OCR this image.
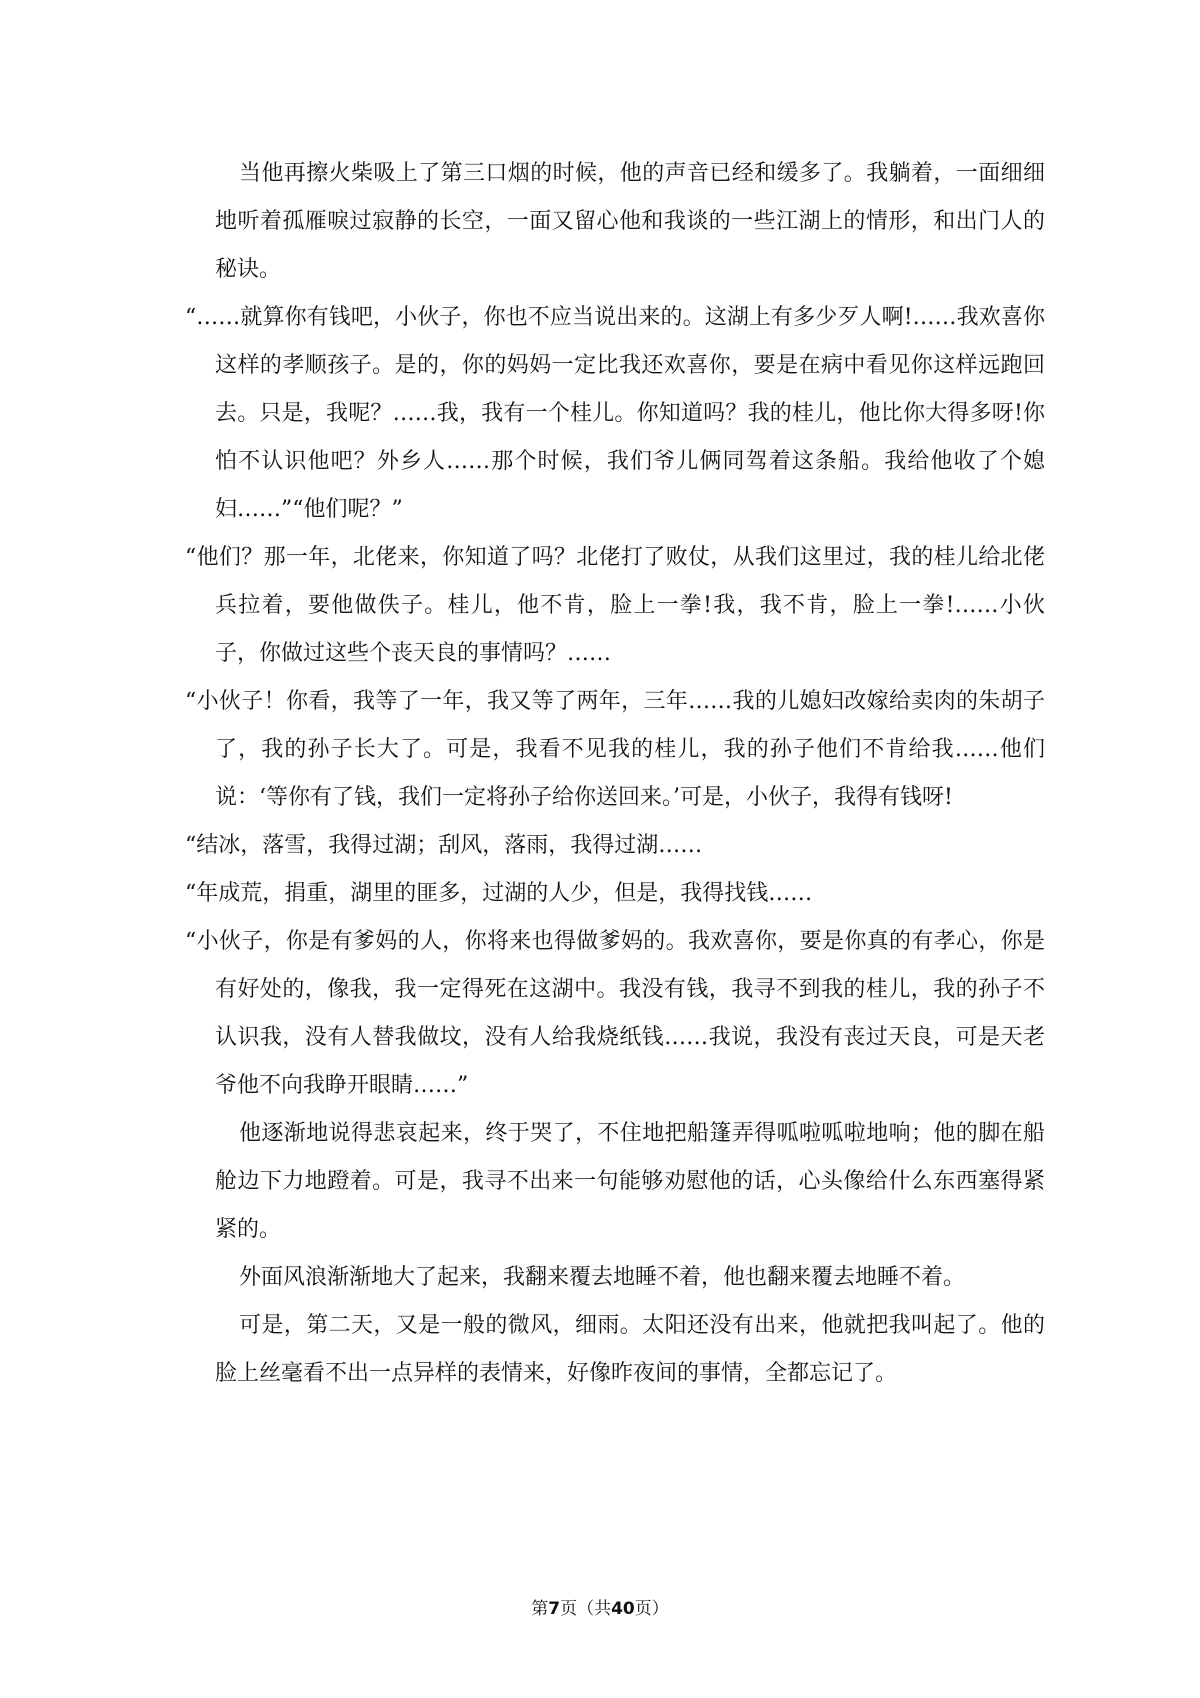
当他再擦火柴吸上了第三口烟的时候，他的声音已经和缓多了。我躺着，一面细细地听着孤雁唳过寂静的长空，一面又留心他和我谈的一些江湖上的情形，和出门人的秘诀。

“……就算你有钱吧，小伙子，你也不应当说出来的。这湖上有多少歹人啊!……我欢喜你这样的孝顺孩子。是的，你的妈妈一定比我还欢喜你，要是在病中看见你这样远跑回去。只是，我呢？……我，我有一个桂儿。你知道吗？我的桂儿，他比你大得多呀!你怕不认识他吧？外乡人……那个时候，我们爷儿俩同驾着这条船。我给他收了个媳妇……”“他们呢？”

“他们？那一年，北佬来，你知道了吗？北佬打了败仗，从我们这里过，我的桂儿给北佬兵拉着，要他做佚子。桂儿，他不肯，脸上一拳!我，我不肯，脸上一拳!……小伙子，你做过这些个丧天良的事情吗？……

“小伙子！你看，我等了一年，我又等了两年，三年……我的儿媳妇改嫁给卖肉的朱胡子了，我的孙子长大了。可是，我看不见我的桂儿，我的孙子他们不肯给我……他们说：‘等你有了钱，我们一定将孙子给你送回来。’可是，小伙子，我得有钱呀!

“结冰，落雪，我得过湖；刮风，落雨，我得过湖……

“年成荒，捐重，湖里的匪多，过湖的人少，但是，我得找钱……

“小伙子，你是有爹妈的人，你将来也得做爹妈的。我欢喜你，要是你真的有孝心，你是有好处的，像我，我一定得死在这湖中。我没有钱，我寻不到我的桂儿，我的孙子不认识我，没有人替我做坟，没有人给我烧纸钱……我说，我没有丧过天良，可是天老爷他不向我睁开眼睛……”

他逐渐地说得悲哀起来，终于哭了，不住地把船篷弄得呱啦呱啦地响；他的脚在船舱边下力地蹬着。可是，我寻不出来一句能够劝慰他的话，心头像给什么东西塞得紧紧的。

外面风浪渐渐地大了起来，我翻来覆去地睡不着，他也翻来覆去地睡不着。

可是，第二天，又是一般的微风，细雨。太阳还没有出来，他就把我叫起了。他的脸上丝毫看不出一点异样的表情来，好像昨夜间的事情，全都忘记了。

第7页（共40页）
